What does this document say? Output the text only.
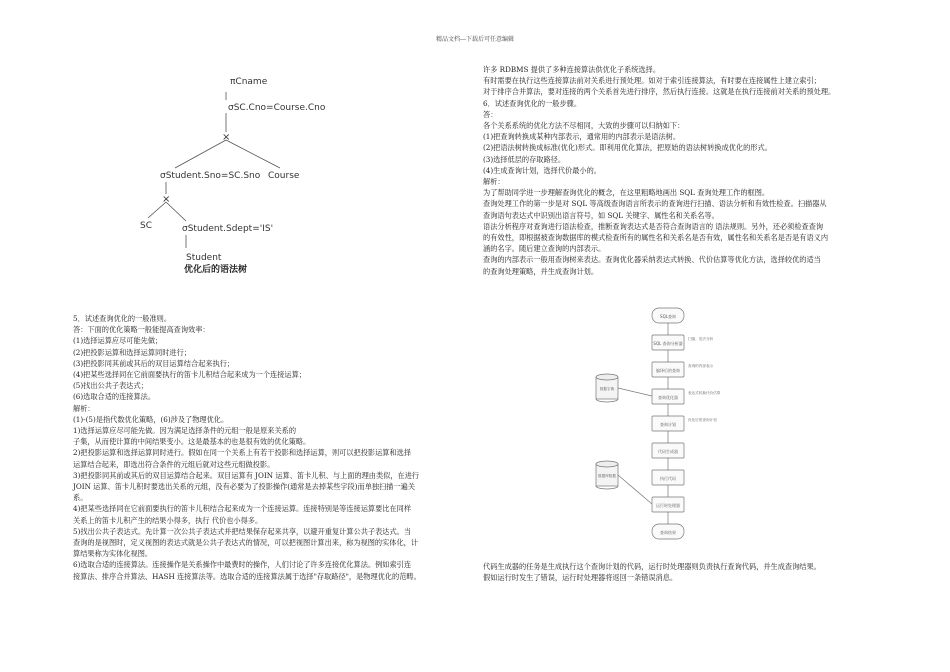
精品文档---下载后可任意编辑
πCname
σSC.Cno=Course.Cno
×
σStudent.Sno=SC.Sno Course
×
SC	σStudent.Sdept='IS'
Student
优化后的语法树

5．试述查询优化的一般准则。

答：下面的优化策略一般能提高查询效率：

(1)选择运算应尽可能先做；

(2)把投影运算和选择运算同时进行；

(3)把投影同其前或其后的双目运算结合起来执行；

(4)把某些选择同在它前面要执行的笛卡儿积结合起来成为一个连接运算；

(5)找出公共子表达式；

(6)选取合适的连接算法。

解析：

(1)-(5)是指代数优化策略，(6)涉及了物理优化。

1)选择运算应尽可能先做。因为满足选择条件的元组一般是原来关系的

子集，从而使计算的中间结果变小。这是最基本的也是很有效的优化策略。

2)把投影运算和选择运算同时进行。假如在同一个关系上有若干投影和选择运算，则可以把投影运算和选择

运算结合起来，即选出符合条件的元组后就对这些元组做投影。

3)把投影同其前或其后的双目运算结合起来。双目运算有 JOIN 运算、笛卡儿积、与上面的理由类似，在进行

JOIN 运算、笛卡儿积时要选出关系的元组，没有必要为了投影操作(通常是去掉某些字段)而单独扫描一遍关

系。

4)把某些选择同在它前面要执行的笛卡儿积结合起来成为一个连接运算。连接特别是等连接运算要比在同样

关系上的笛卡儿积产生的结果小得多，执行 代价也小得多。

5)找出公共子表达式。先计算一次公共子表达式并把结果保存起来共享，以避开重复计算公共子表达式。当

查询的是视图时，定义视图的表达式就是公共子表达式的情况，可以把视图计算出来，称为视图的实体化，计

算结果称为实体化视图。

6)选取合适的连接算法。连接操作是关系操作中最费时的操作，人们讨论了许多连接优化算法。例如索引连

接算法、排序合并算法、HASH 连接算法等。选取合适的连接算法属于选择"存取路径"，是物理优化的范畴。

许多 RDBMS 提供了多种连接算法供优化子系统选择。

有时需要在执行这些连接算法前对关系进行预处理。如对于索引连接算法，有时要在连接属性上建立索引；

对于排序合并算法，要对连接的两个关系首先进行排序，然后执行连接。这就是在执行连接前对关系的预处理。

6．试述查询优化的一般步骤。

答：

各个关系系统的优化方法不尽相同，大致的步骤可以归纳如下：

(1)把查询转换成某种内部表示，通常用的内部表示是语法树。

(2)把语法树转换成标准(优化)形式。即利用优化算法，把原始的语法树转换成优化的形式。

(3)选择低层的存取路径。

(4)生成查询计划，选择代价最小的。

解析：

为了帮助同学进一步理解查询优化的概念，在这里粗略地画出 SQL 查询处理工作的框图。

查询处理工作的第一步是对 SQL 等高级查询语言所表示的查询进行扫描、语法分析和有效性检查。扫描器从

查询语句表达式中识别出语言符号，如 SQL 关键字、属性名和关系名等。

语法分析程序对查询进行语法检查，推断查询表达式是否符合查询语言的 语法规则。另外，还必须检查查询

的有效性，即根据被查询数据库的模式检查所有的属性名和关系名是否有效，属性名和关系名是否是有语义内

涵的名字。随后建立查询的内部表示。

查询的内部表示一般用查询树来表达。查询优化器采纳表达式转换、代价估算等优化方法，选择较优的适当

的查询处理策略，并生成查询计划。

SQL查询
SQL 查询分析器
编译后的查询
查询优化器
查询计划
代码生成器
执行代码
运行时处理器
查询结果
数据字典
数据库数据
扫描、语法分析
查询的内部表示
表达式转换代价估算
优化后的查询计划

代码生成器的任务是生成执行这个查询计划的代码，运行时处理器则负责执行查询代码，并生成查询结果。

假如运行时发生了错误，运行时处理器将返回一条错误消息。
